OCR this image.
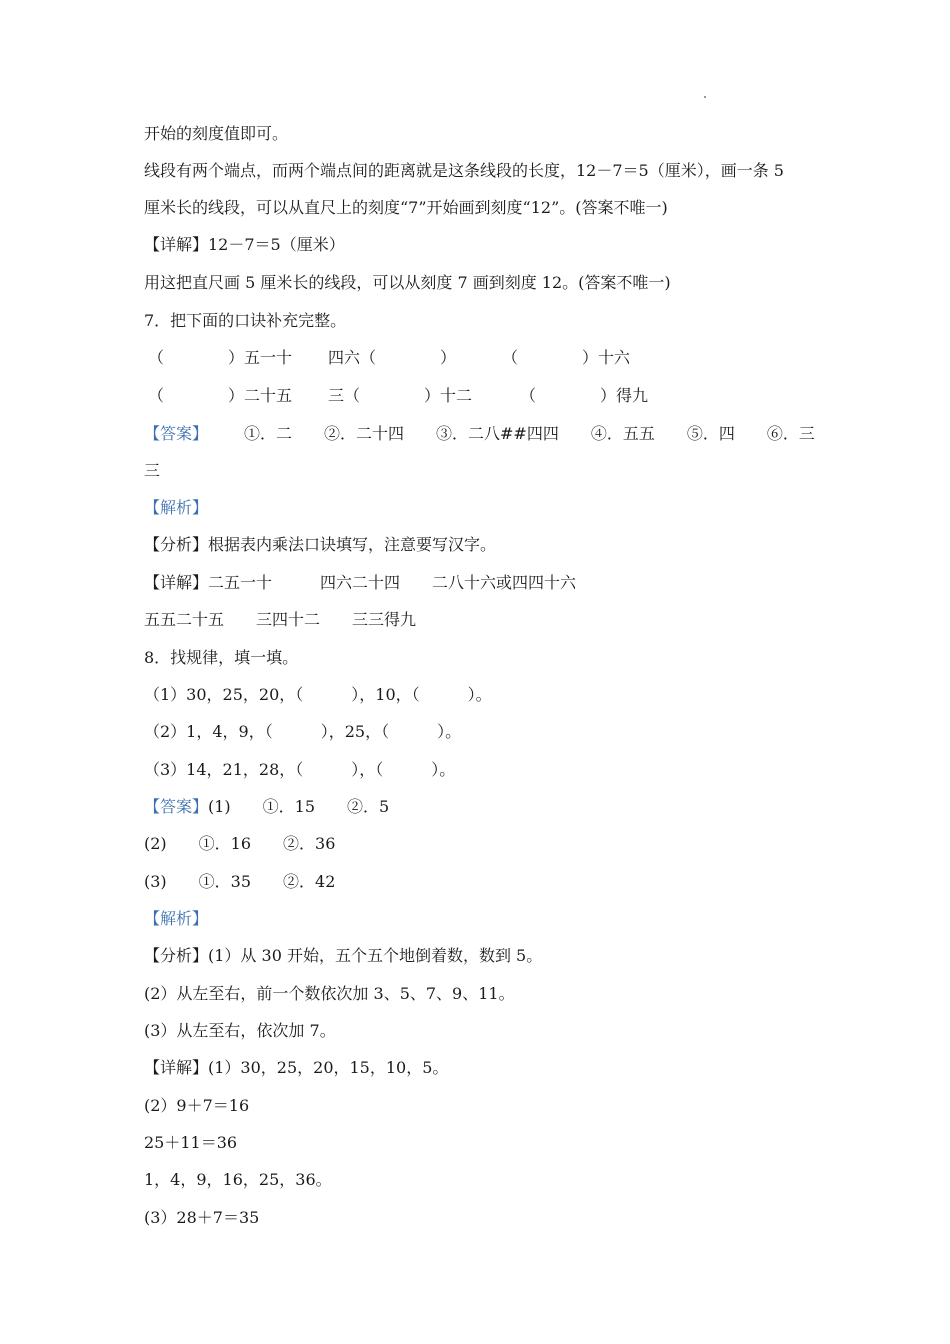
开始的刻度值即可。
线段有两个端点，而两个端点间的距离就是这条线段的长度，12－7＝5（厘米），画一条 5
厘米长的线段，可以从直尺上的刻度“7”开始画到刻度“12”。(答案不唯一)
【详解】12－7＝5（厘米）
用这把直尺画 5 厘米长的线段，可以从刻度 7 画到刻度 12。(答案不唯一)
7．把下面的口诀补充完整。
（　　　　）五一十 四六（　　　　）	（　　　　）十六
（　　　　）二十五 三（　　　　）十二	（　　　　）得九
【答案】 ①．二　　②．二十四　　③．二八##四四　　④．五五　　⑤．四　　⑥．三
三
【解析】
【分析】根据表内乘法口诀填写，注意要写汉字。
【详解】二五一十　　　四六二十四　　二八十六或四四十六
五五二十五　　三四十二　　三三得九
8．找规律，填一填。
（1）30，25，20，（　　　），10，（　　　）。
（2）1，4，9，（　　　），25，（　　　）。
（3）14，21，28，（　　　），（　　　）。
【答案】 (1)　　①．15　　②．5
(2)　　①．16　　②．36
(3)　　①．35　　②．42
【解析】
【分析】(1）从 30 开始，五个五个地倒着数，数到 5。
(2）从左至右，前一个数依次加 3、5、7、9、11。
(3）从左至右，依次加 7。
【详解】(1）30，25，20，15，10，5。
(2）9＋7＝16
25＋11＝36
1，4，9，16，25，36。
(3）28＋7＝35
